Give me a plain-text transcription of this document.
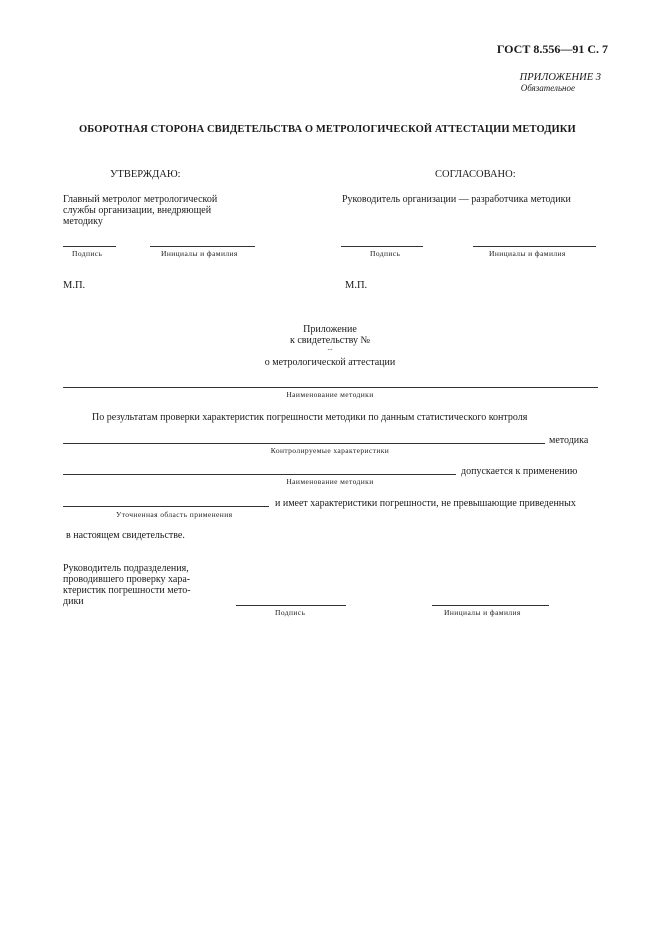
ГОСТ 8.556—91 С. 7
ПРИЛОЖЕНИЕ 3
Обязательное
ОБОРОТНАЯ СТОРОНА СВИДЕТЕЛЬСТВА О МЕТРОЛОГИЧЕСКОЙ АТТЕСТАЦИИ МЕТОДИКИ
УТВЕРЖДАЮ:
Главный метролог метрологической
службы организации, внедряющей
методику
Подпись	Инициалы и фамилия
М.П.
СОГЛАСОВАНО:
Руководитель организации — разработчика методики
Подпись	Инициалы и фамилия
М.П.
Приложение
к свидетельству №
...
о метрологической аттестации
Наименование методики
По результатам проверки характеристик погрешности методики по данным статистического контроля
методика
Контролируемые характеристики
допускается к применению
Наименование методики
и имеет характеристики погрешности, не превышающие приведенных
Уточненная область применения
в настоящем свидетельстве.
Руководитель подразделения,
проводившего проверку хара-
ктеристик погрешности мето-
дики
Подпись	Инициалы и фамилия
